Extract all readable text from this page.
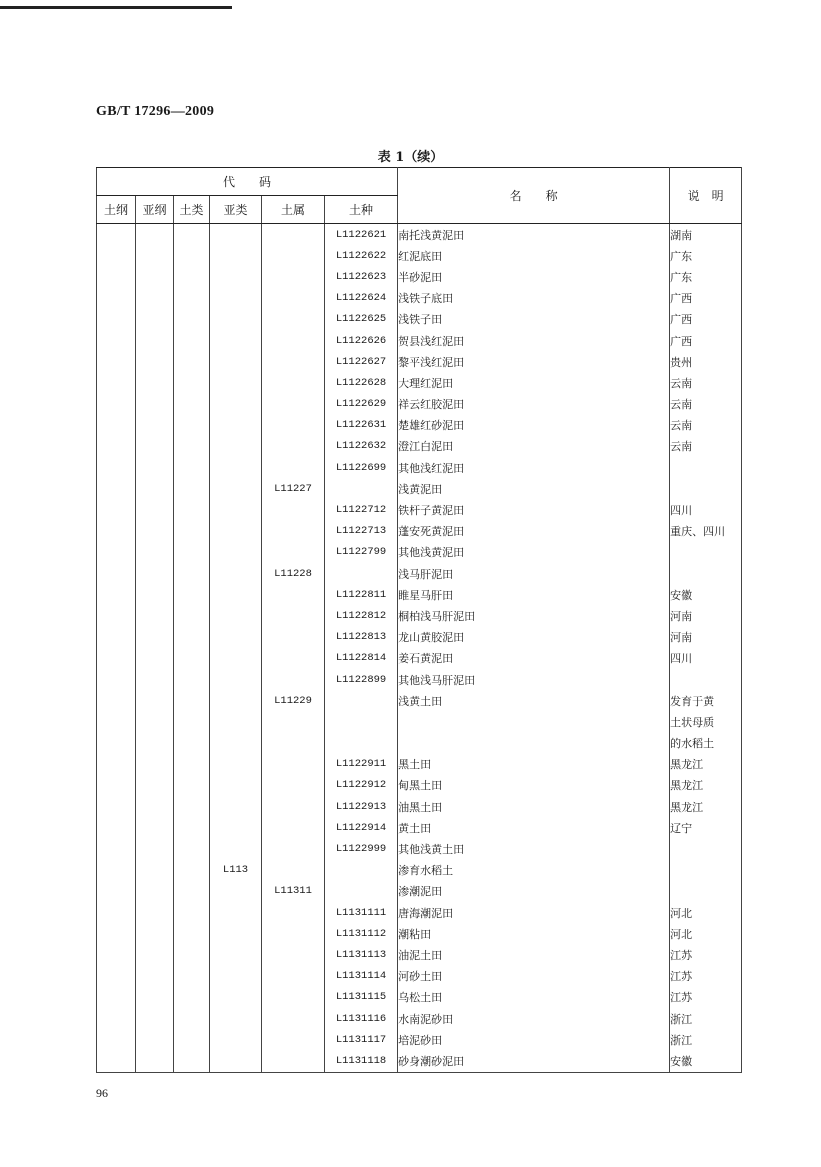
GB/T 17296—2009
表 1（续）
代　　码						名　　称	说　明
土纲	亚纲	土类	亚类	土属	土种		
					L1122621	南托浅黄泥田	湖南
					L1122622	红泥底田	广东
					L1122623	半砂泥田	广东
					L1122624	浅铁子底田	广西
					L1122625	浅铁子田	广西
					L1122626	贺县浅红泥田	广西
					L1122627	黎平浅红泥田	贵州
					L1122628	大理红泥田	云南
					L1122629	祥云红胶泥田	云南
					L1122631	楚雄红砂泥田	云南
					L1122632	澄江白泥田	云南
					L1122699	其他浅红泥田	
				L11227		浅黄泥田	
					L1122712	铁杆子黄泥田	四川
					L1122713	蓬安死黄泥田	重庆、四川
					L1122799	其他浅黄泥田	
				L11228		浅马肝泥田	
					L1122811	睢星马肝田	安徽
					L1122812	桐柏浅马肝泥田	河南
					L1122813	龙山黄胶泥田	河南
					L1122814	姜石黄泥田	四川
					L1122899	其他浅马肝泥田	
				L11229		浅黄土田	发育于黄
							土状母质
							的水稻土
					L1122911	黑土田	黑龙江
					L1122912	甸黑土田	黑龙江
					L1122913	油黑土田	黑龙江
					L1122914	黄土田	辽宁
					L1122999	其他浅黄土田	
			L113			渗育水稻土	
				L11311		渗潮泥田	
					L1131111	唐海潮泥田	河北
					L1131112	潮粘田	河北
					L1131113	油泥土田	江苏
					L1131114	河砂土田	江苏
					L1131115	乌松土田	江苏
					L1131116	水南泥砂田	浙江
					L1131117	培泥砂田	浙江
					L1131118	砂身潮砂泥田	安徽
96
